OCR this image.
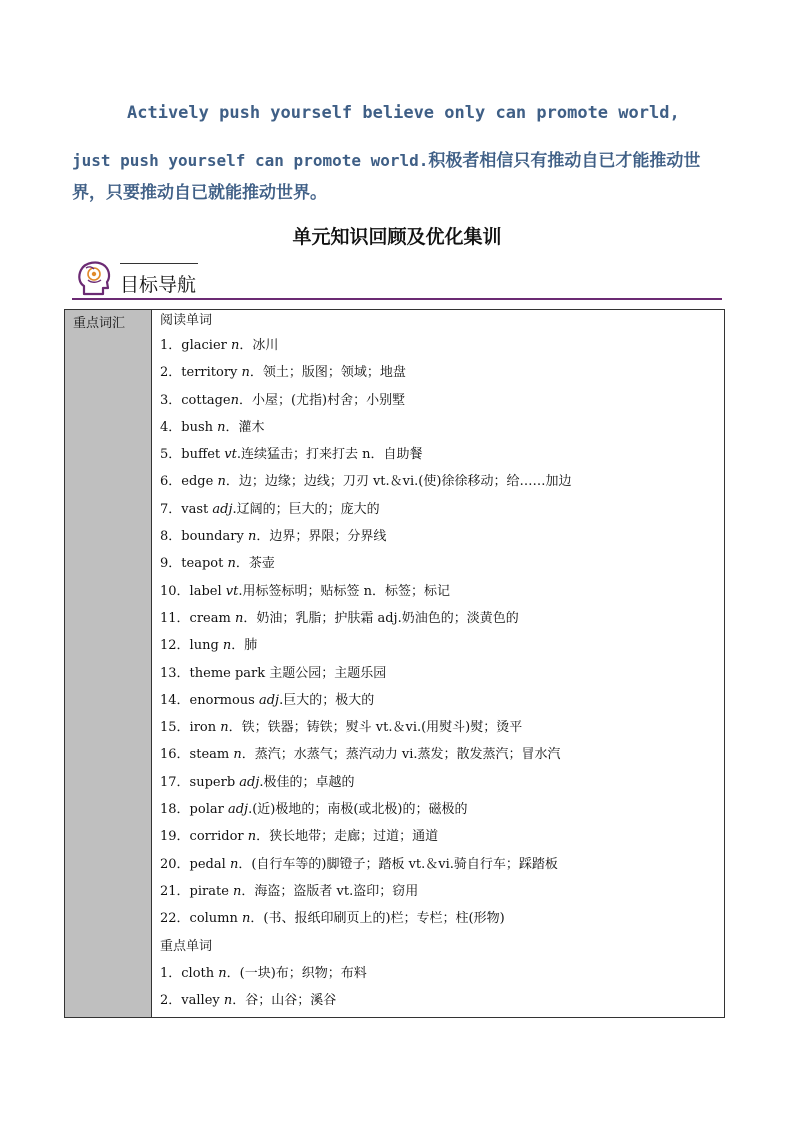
Actively push yourself believe only can promote world,
just push yourself can promote world.积极者相信只有推动自已才能推动世界，只要推动自已就能推动世界。
单元知识回顾及优化集训
目标导航
重点词汇	阅读单词
1．glacier n．冰川
2．territory n．领土；版图；领域；地盘
3．cottagen．小屋；(尤指)村舍；小别墅
4．bush n．灌木
5．buffet vt.连续猛击；打来打去 n．自助餐
6．edge n．边；边缘；边线；刀刃 vt.＆vi.(使)徐徐移动；给……加边
7．vast adj.辽阔的；巨大的；庞大的
8．boundary n．边界；界限；分界线
9．teapot n．茶壶
10．label vt.用标签标明；贴标签 n．标签；标记
11．cream n．奶油；乳脂；护肤霜 adj.奶油色的；淡黄色的
12．lung n．肺
13．theme park 主题公园；主题乐园
14．enormous adj.巨大的；极大的
15．iron n．铁；铁器；铸铁；熨斗 vt.＆vi.(用熨斗)熨；烫平
16．steam n．蒸汽；水蒸气；蒸汽动力 vi.蒸发；散发蒸汽；冒水汽
17．superb adj.极佳的；卓越的
18．polar adj.(近)极地的；南极(或北极)的；磁极的
19．corridor n．狭长地带；走廊；过道；通道
20．pedal n．(自行车等的)脚镫子；踏板 vt.＆vi.骑自行车；踩踏板
21．pirate n．海盗；盗版者 vt.盗印；窃用
22．column n．(书、报纸印刷页上的)栏；专栏；柱(形物)
重点单词
1．cloth n．(一块)布；织物；布料
2．valley n．谷；山谷；溪谷
